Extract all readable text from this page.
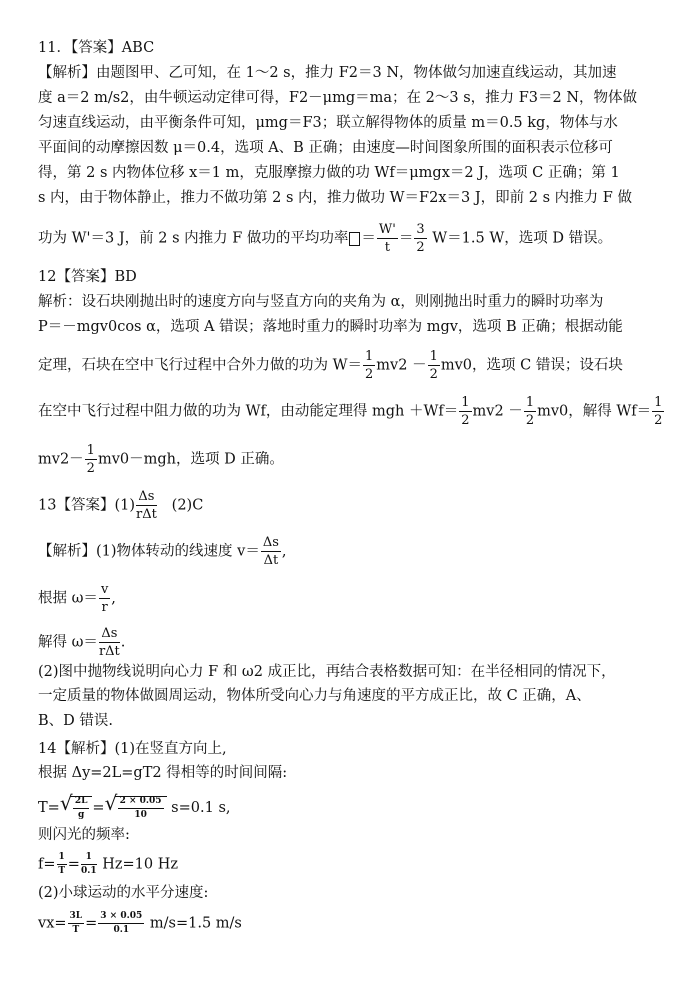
11．【答案】ABC
【解析】由题图甲、乙可知，在 1～2 s，推力 F2＝3 N，物体做匀加速直线运动，其加速
度 a＝2 m/s2，由牛顿运动定律可得，F2－μmg＝ma；在 2～3 s，推力 F3＝2 N，物体做
匀速直线运动，由平衡条件可知，μmg＝F3；联立解得物体的质量 m＝0.5 kg，物体与水
平面间的动摩擦因数 μ＝0.4，选项 A、B 正确；由速度—时间图象所围的面积表示位移可
得，第 2 s 内物体位移 x＝1 m，克服摩擦力做的功 Wf＝μmgx＝2 J，选项 C 正确；第 1
s 内，由于物体静止，推力不做功第 2 s 内，推力做功 W＝F2x＝3 J，即前 2 s 内推力 F 做
功为 W'＝3 J，前 2 s 内推力 F 做功的平均功率 ＝ $\frac{W'}{t} = \frac{3}{2} W=1.5$ W，选项 D 错误。
12【答案】BD
解析：设石块刚抛出时的速度方向与竖直方向的夹角为 α，则刚抛出时重力的瞬时功率为
P＝－mgv0cos α，选项 A 错误；落地时重力的瞬时功率为 mgv，选项 B 正确；根据动能
定理，石块在空中飞行过程中合外力做的功为 $W= \frac{1}{2} mv2 - \frac{1}{2} mv0$，选项 C 错误；设石块
在空中飞行过程中阻力做的功为 Wf，由动能定理得 mgh $+Wf= \frac{1}{2} mv2 - \frac{1}{2} mv0$，解得 $Wf= \frac{1}{2}$
$mv2- \frac{1}{2} mv0-mgh$，选项 D 正确。
13【答案】$(1) \frac{\Delta s}{\text{rΔt}} (2)C$
【解析】(1)物体转动的线速度 $v= \frac{\Delta s}{\Delta t}$ ,
根据 $\omega= \frac{v}{r}$ ,
解得 $\omega= \frac{\Delta s}{\text{rΔt}}$ .
(2)图中抛物线说明向心力 F 和 ω2 成正比，再结合表格数据可知：在半径相同的情况下，
一定质量的物体做圆周运动，物体所受向心力与角速度的平方成正比，故 C 正确，A、
B、D 错误.
14【解析】(1)在竖直方向上,
根据 Δy=2L=gT2 得相等的时间间隔:
T= √ $\frac{2L}{g}$ = √ $\frac{2 \times 0.05}{10} s=0.1$ s,
则闪光的频率:
$f= \frac{1}{T} = \frac{1}{0.1} Hz=10$ Hz
(2)小球运动的水平分速度:
$vx= \frac{3L}{T} = \frac{3 \times 0.05}{0.1} m/s=1.5$ m/s
